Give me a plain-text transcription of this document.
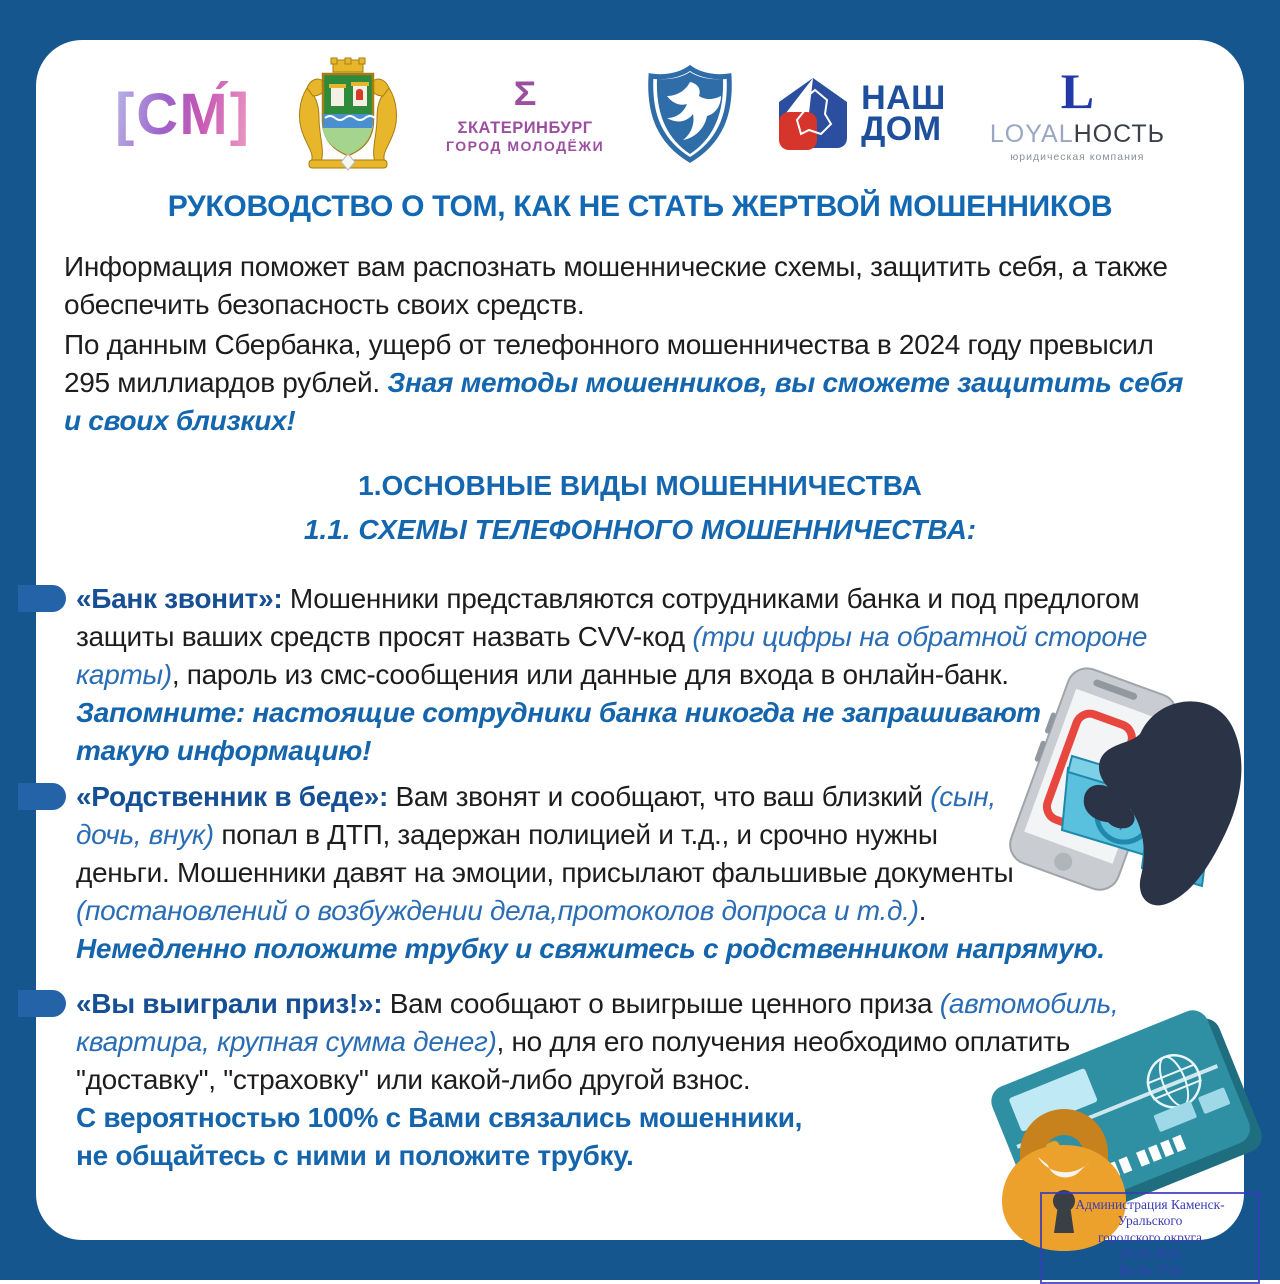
[СМ́]	Σ
ΣКАТЕРИНБУРГ
ГОРОД МОЛОДЁЖИ
НАШ
ДОМ
L
LOYALНОСТЬ
юридическая компания
РУКОВОДСТВО О ТОМ, КАК НЕ СТАТЬ ЖЕРТВОЙ МОШЕННИКОВ
Информация поможет вам распознать мошеннические схемы, защитить себя, а также обеспечить безопасность своих средств.
По данным Сбербанка, ущерб от телефонного мошенничества в 2024 году превысил 295 миллиардов рублей. Зная методы мошенников, вы сможете защитить себя и своих близких!
1.ОСНОВНЫЕ ВИДЫ МОШЕННИЧЕСТВА
1.1. СХЕМЫ ТЕЛЕФОННОГО МОШЕННИЧЕСТВА:
«Банк звонит»: Мошенники представляются сотрудниками банка и под предлогом защиты ваших средств просят назвать CVV-код (три цифры на обратной стороне карты), пароль из смс-сообщения или данные для входа в онлайн-банк.
Запомните: настоящие сотрудники банка никогда не запрашивают такую информацию!
«Родственник в беде»: Вам звонят и сообщают, что ваш близкий (сын, дочь, внук) попал в ДТП, задержан полицией и т.д., и срочно нужны деньги. Мошенники давят на эмоции, присылают фальшивые документы (постановлений о возбуждении дела,протоколов допроса и т.д.).
Немедленно положите трубку и свяжитесь с родственником напрямую.
«Вы выиграли приз!»: Вам сообщают о выигрыше ценного приза (автомобиль, квартира, крупная сумма денег), но для его получения необходимо оплатить "доставку", "страховку" или какой-либо другой взнос.
С вероятностью 100% с Вами связались мошенники,
не общайтесь с ними и положите трубку.
Администрация Каменск-Уральского
городского округа
29.10.2025
Вх № 7718
